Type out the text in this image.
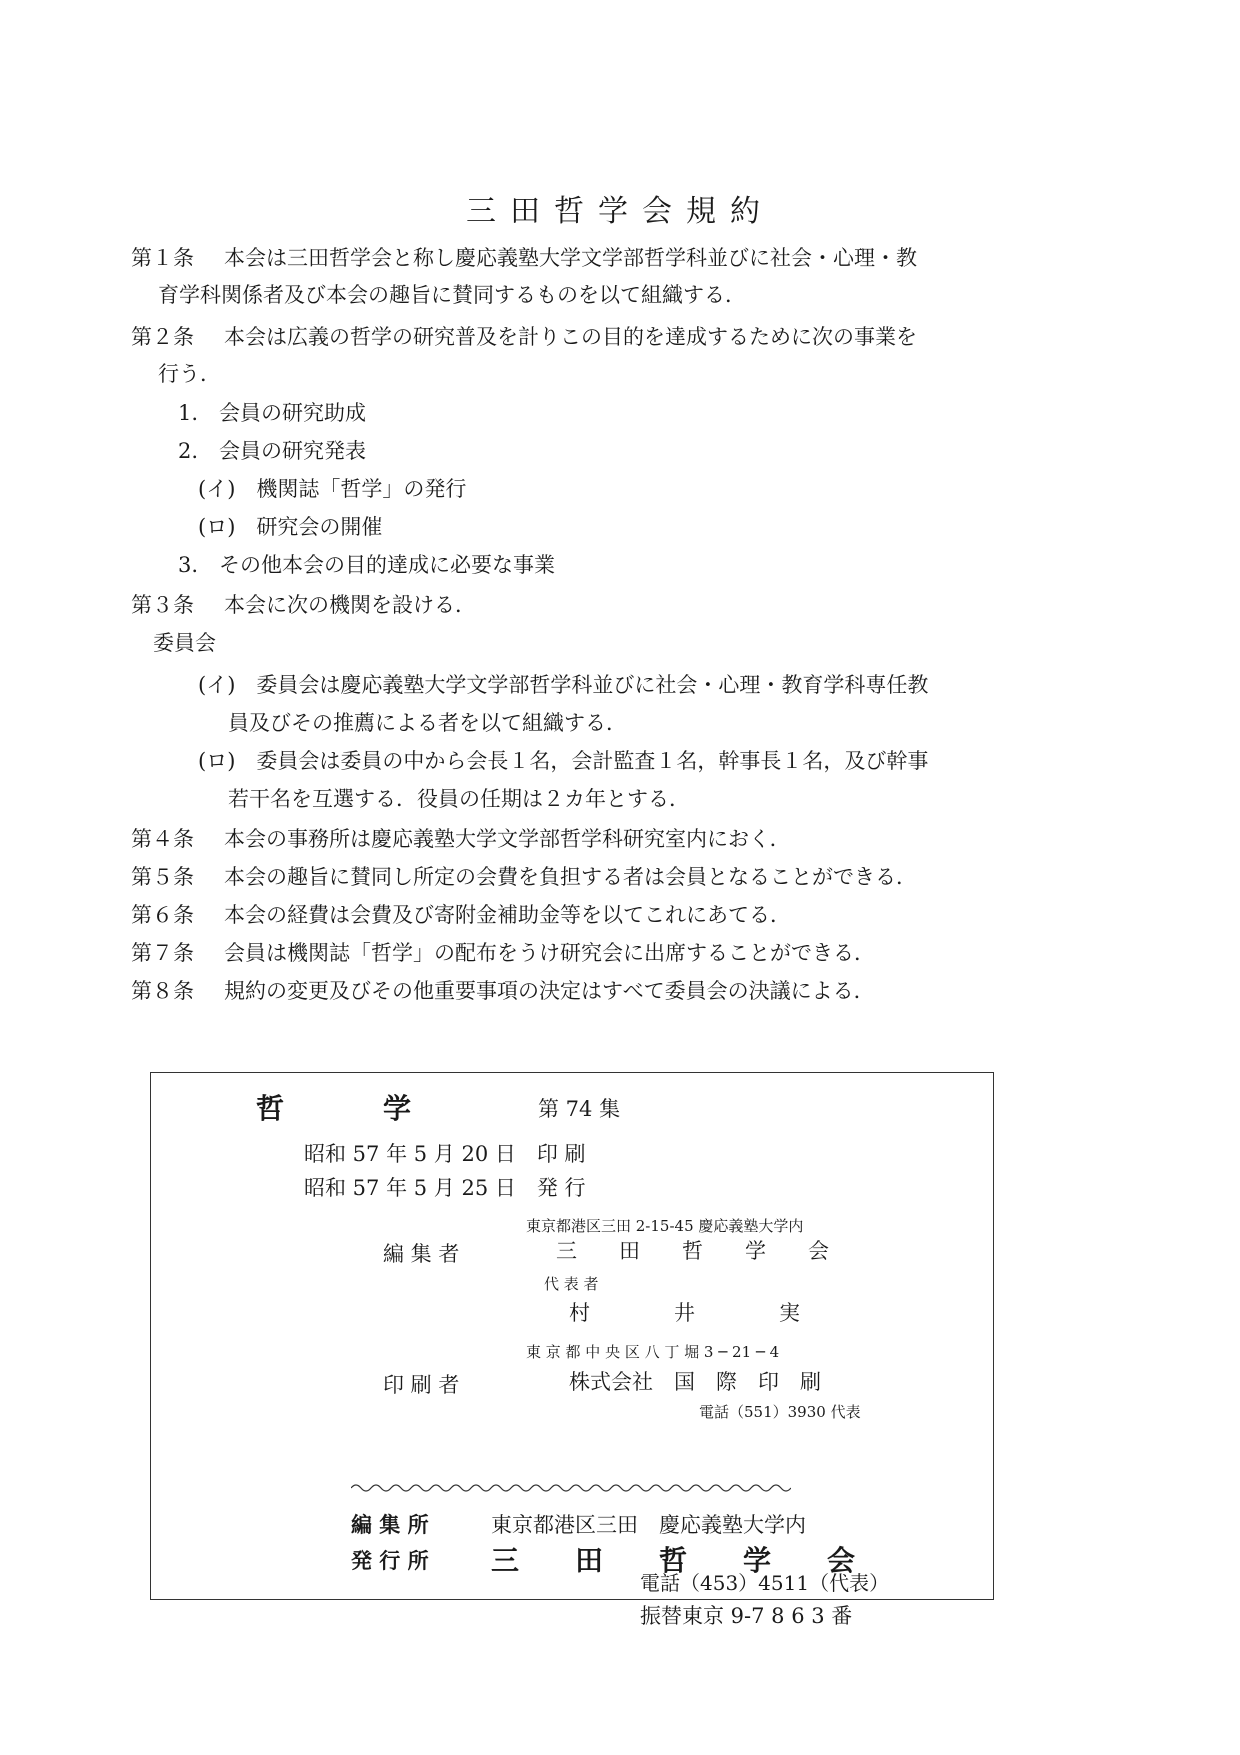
三田哲学会規約
第１条 本会は三田哲学会と称し慶応義塾大学文学部哲学科並びに社会・心理・教
育学科関係者及び本会の趣旨に賛同するものを以て組織する．
第２条 本会は広義の哲学の研究普及を計りこの目的を達成するために次の事業を
行う．
1.　会員の研究助成
2.　会員の研究発表
(イ)　機関誌「哲学」の発行
(ロ)　研究会の開催
3.　その他本会の目的達成に必要な事業
第３条 本会に次の機関を設ける．
委員会
(イ)　委員会は慶応義塾大学文学部哲学科並びに社会・心理・教育学科専任教
員及びその推薦による者を以て組織する．
(ロ)　委員会は委員の中から会長１名，会計監査１名，幹事長１名，及び幹事
若干名を互選する．役員の任期は２カ年とする．
第４条 本会の事務所は慶応義塾大学文学部哲学科研究室内におく．
第５条 本会の趣旨に賛同し所定の会費を負担する者は会員となることができる．
第６条 本会の経費は会費及び寄附金補助金等を以てこれにあてる．
第７条 会員は機関誌「哲学」の配布をうけ研究会に出席することができる．
第８条 規約の変更及びその他重要事項の決定はすべて委員会の決議による．
哲	学	第 74 集
昭和 57 年 5 月 20 日　印 刷
昭和 57 年 5 月 25 日　発 行
東京都港区三田 2-15-45 慶応義塾大学内
編 集 者	三　　田　　哲　　学　　会
代 表 者
村　　　　井　　　　実
東 京 都 中 央 区 八 丁 堀 3 ─ 21 ─ 4
印 刷 者	株式会社　国　際　印　刷
電話（551）3930 代表
編 集 所	東京都港区三田　慶応義塾大学内
発 行 所 三　　田　　哲　　学　　会
電話（453）4511（代表）
振替東京 9-7 8 6 3 番
